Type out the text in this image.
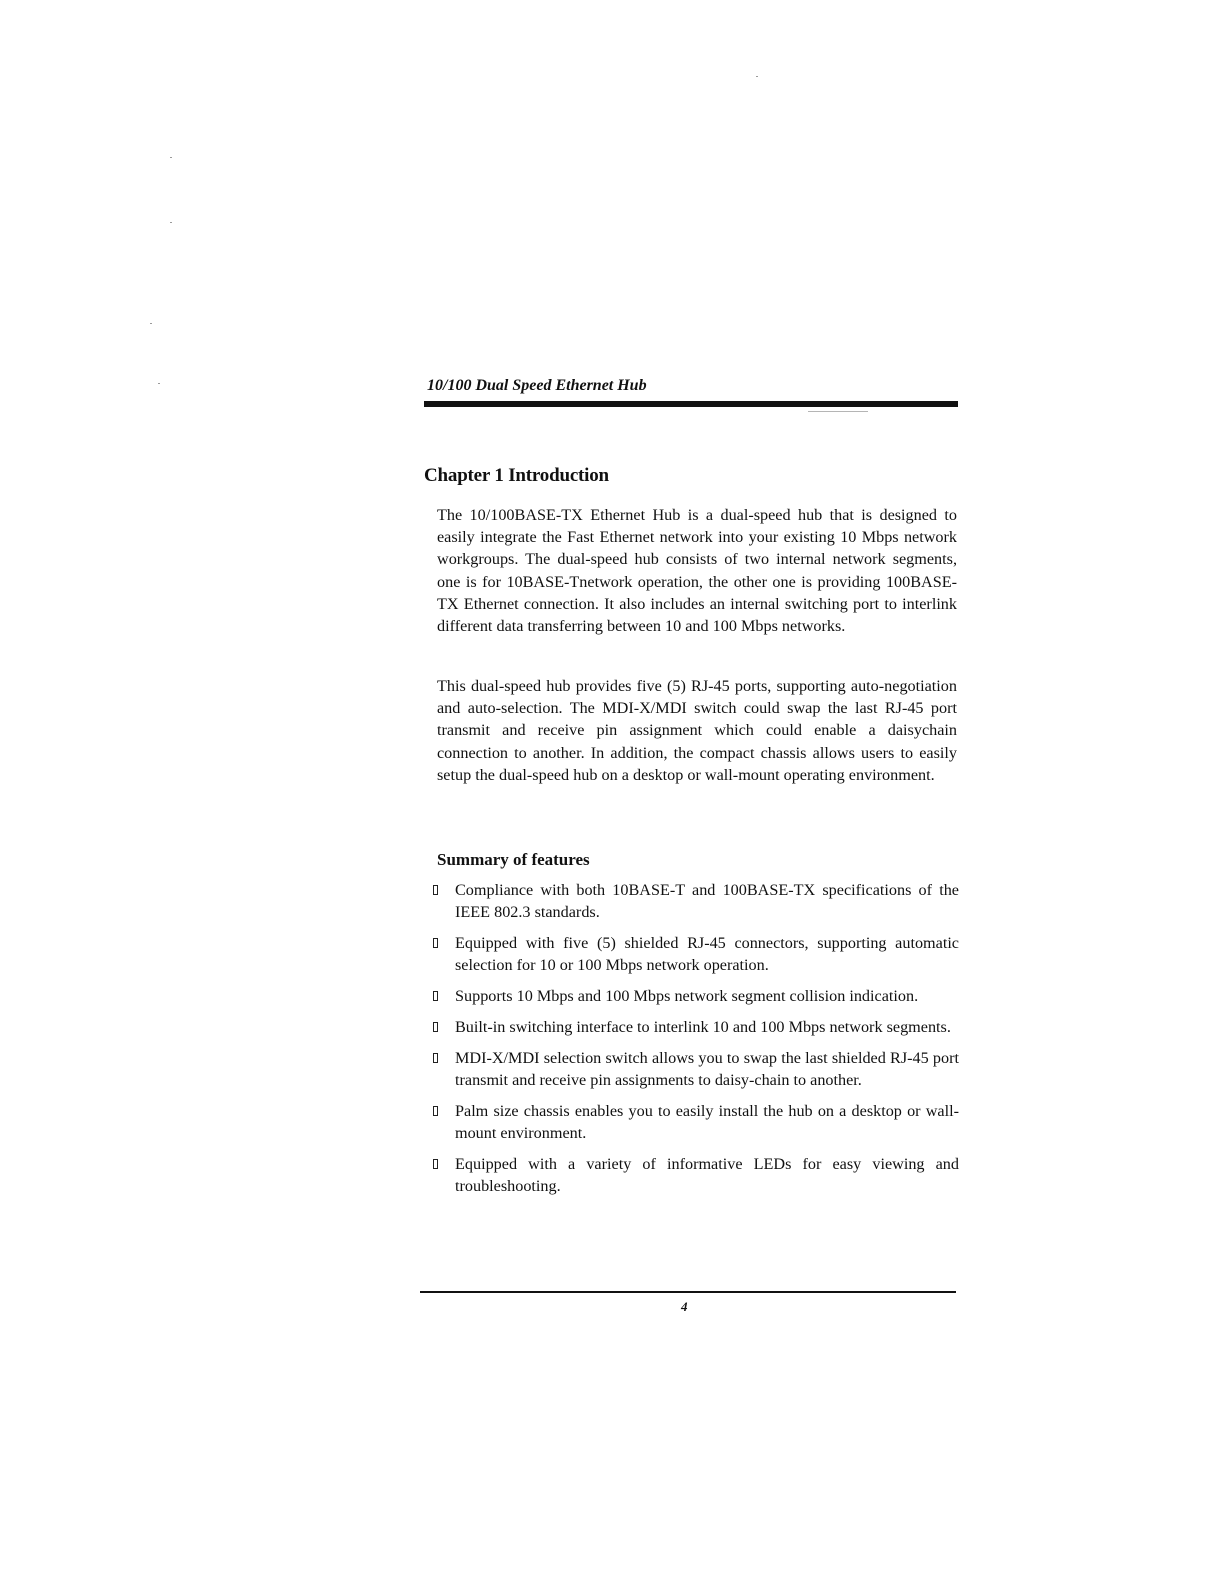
10/100 Dual Speed Ethernet Hub
Chapter 1 Introduction

The 10/100BASE-TX Ethernet Hub is a dual-speed hub that is designed to easily integrate the Fast Ethernet network into your existing 10 Mbps network workgroups. The dual-speed hub consists of two internal network segments, one is for 10BASE-Tnetwork operation, the other one is providing 100BASE-TX Ethernet connection. It also includes an internal switching port to interlink different data transferring between 10 and 100 Mbps networks.

This dual-speed hub provides five (5) RJ-45 ports, supporting auto-negotiation and auto-selection. The MDI-X/MDI switch could swap the last RJ-45 port transmit and receive pin assignment which could enable a daisychain connection to another. In addition, the compact chassis allows users to easily setup the dual-speed hub on a desktop or wall-mount operating environment.

Summary of features
Compliance with both 10BASE-T and 100BASE-TX specifications of the IEEE 802.3 standards.
Equipped with five (5) shielded RJ-45 connectors, supporting automatic selection for 10 or 100 Mbps network operation.
Supports 10 Mbps and 100 Mbps network segment collision indication.
Built-in switching interface to interlink 10 and 100 Mbps network segments.
MDI-X/MDI selection switch allows you to swap the last shielded RJ-45 port transmit and receive pin assignments to daisy-chain to another.
Palm size chassis enables you to easily install the hub on a desktop or wall-mount environment.
Equipped with a variety of informative LEDs for easy viewing and troubleshooting.
4
